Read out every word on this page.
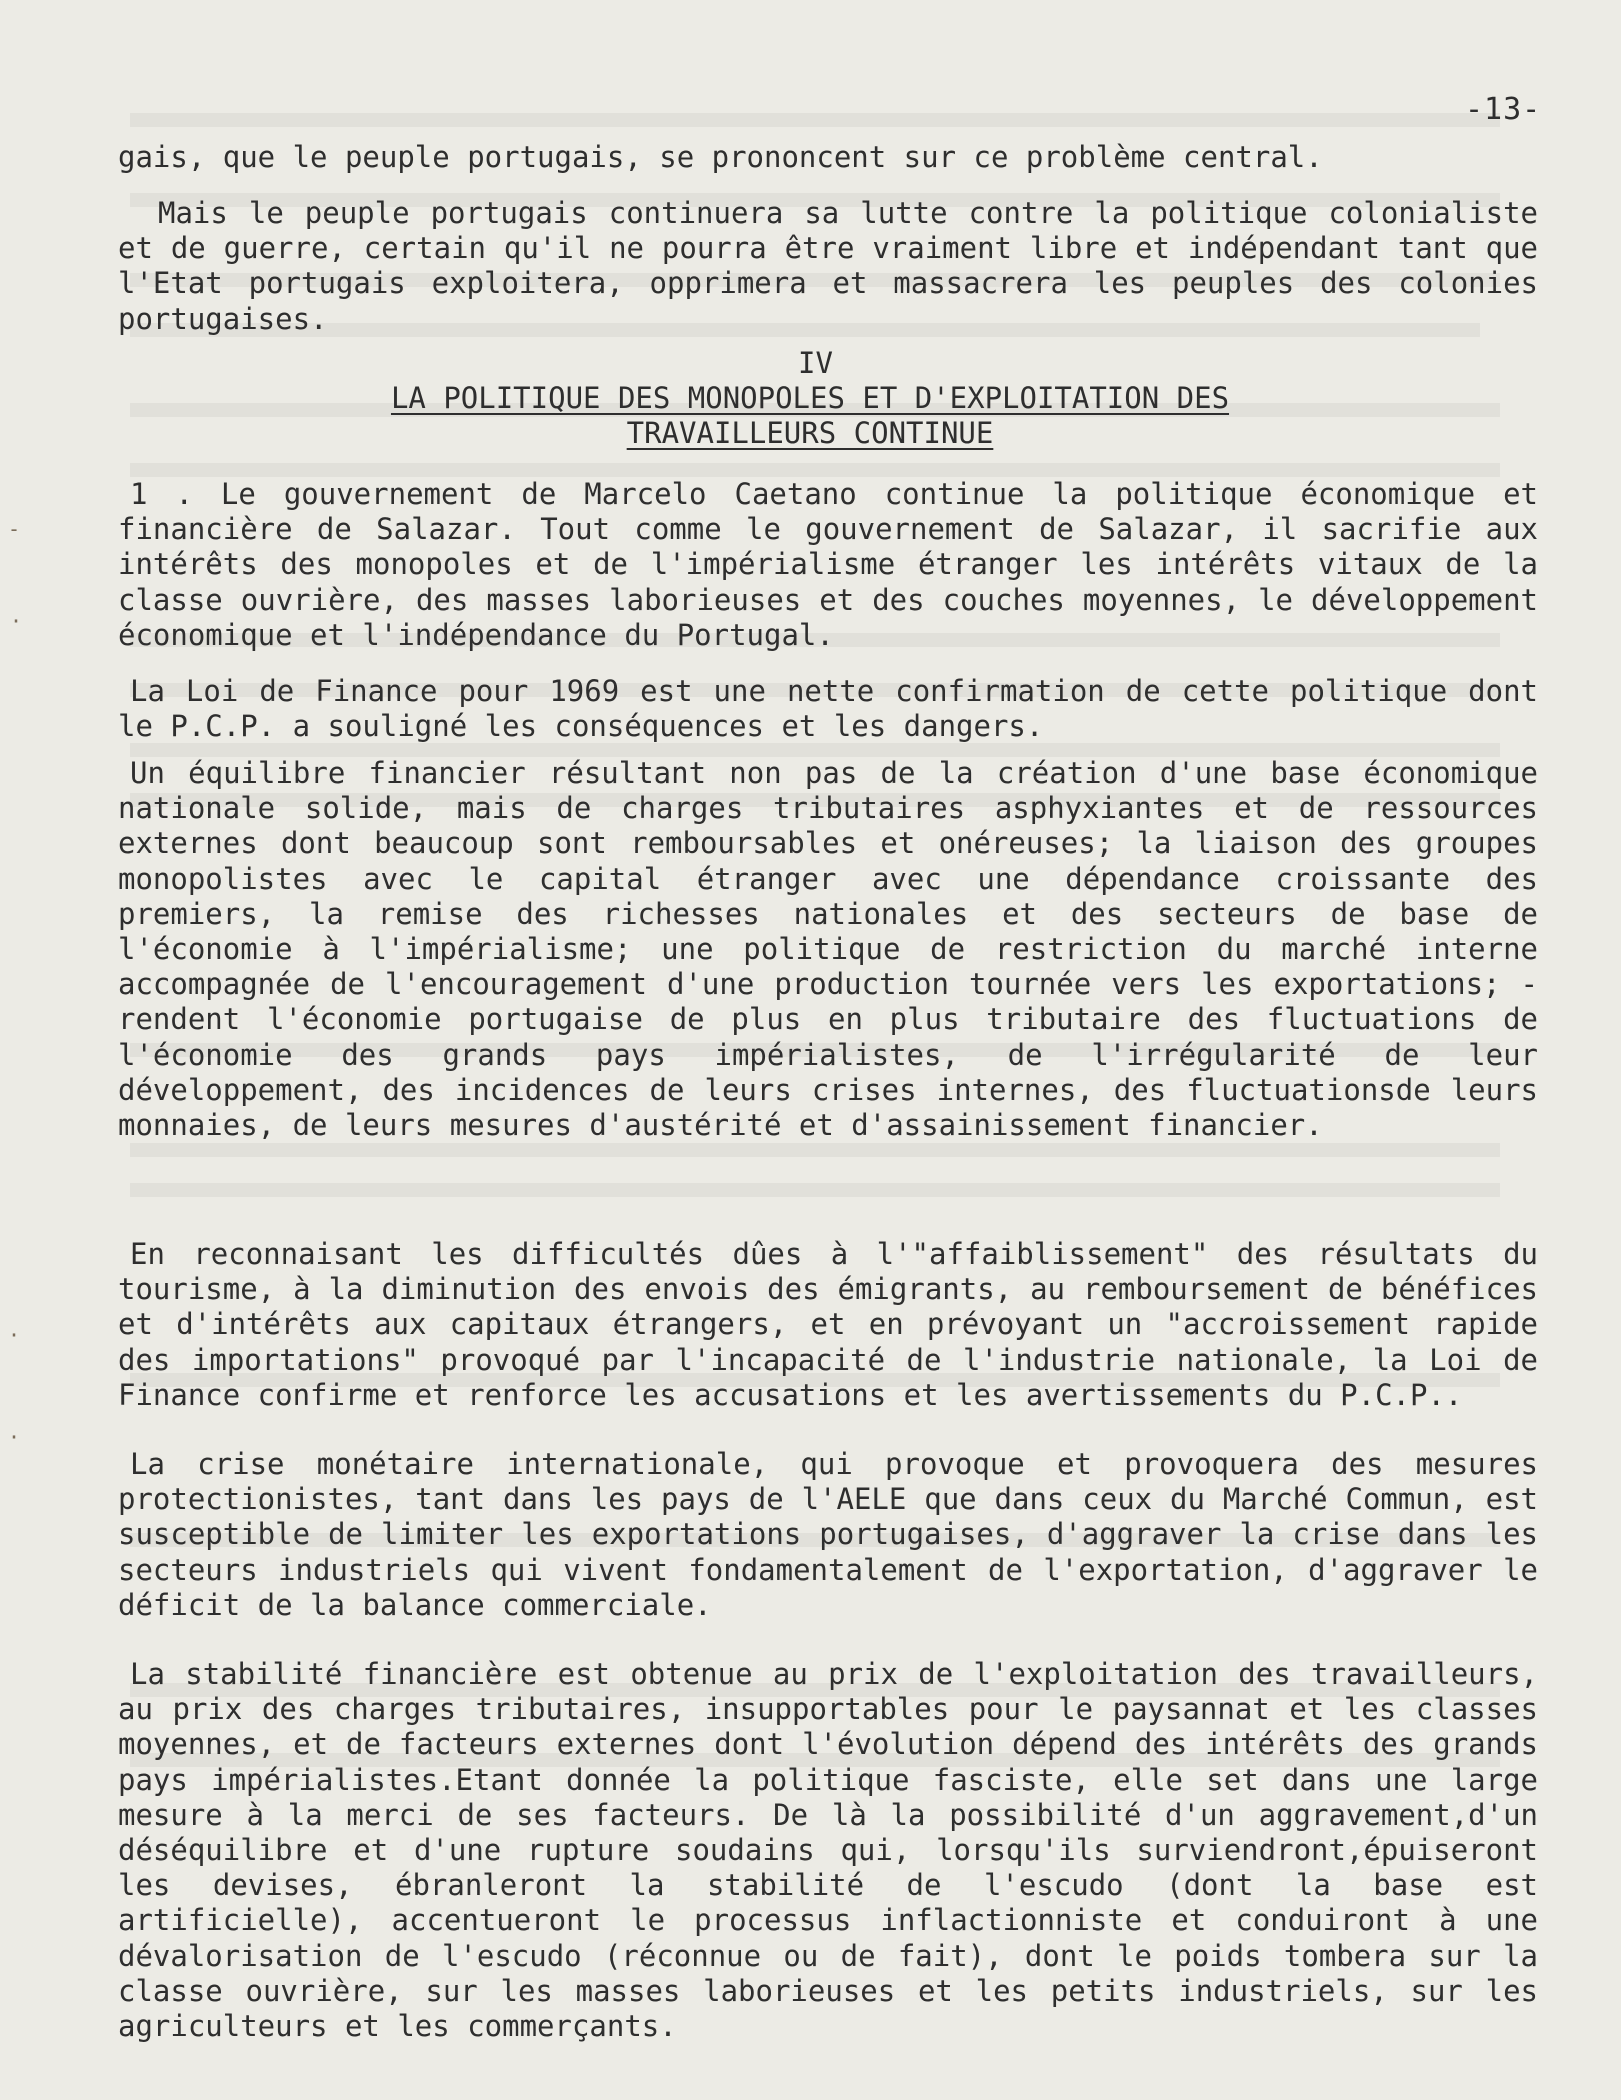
-13-

gais, que le peuple portugais, se prononcent sur ce problème central.

Mais le peuple portugais continuera sa lutte contre la politique colonialiste et de guerre, certain qu'il ne pourra être vraiment libre et indépendant tant que l'Etat portugais exploitera, opprimera et massacrera les peuples des colonies portugaises.

IV
LA POLITIQUE DES MONOPOLES ET D'EXPLOITATION DES TRAVAILLEURS CONTINUE

1 . Le gouvernement de Marcelo Caetano continue la politique économique et financière de Salazar. Tout comme le gouvernement de Salazar, il sacrifie aux intérêts des monopoles et de l'impérialisme étranger les intérêts vitaux de la classe ouvrière, des masses laborieuses et des couches moyennes, le développement économique et l'indépendance du Portugal.

La Loi de Finance pour 1969 est une nette confirmation de cette politique dont le P.C.P. a souligné les conséquences et les dangers.

Un équilibre financier résultant non pas de la création d'une base économique nationale solide, mais de charges tributaires asphyxiantes et de ressources externes dont beaucoup sont remboursables et onéreuses; la liaison des groupes monopolistes avec le capital étranger avec une dépendance croissante des premiers, la remise des richesses nationales et des secteurs de base de l'économie à l'impérialisme; une politique de restriction du marché interne accompagnée de l'encouragement d'une production tournée vers les exportations; - rendent l'économie portugaise de plus en plus tributaire des fluctuations de l'économie des grands pays impérialistes, de l'irrégularité de leur développement, des incidences de leurs crises internes, des fluctuationsde leurs monnaies, de leurs mesures d'austérité et d'assainissement financier.

En reconnaisant les difficultés dûes à l'"affaiblissement" des résultats du tourisme, à la diminution des envois des émigrants, au remboursement de bénéfices et d'intérêts aux capitaux étrangers, et en prévoyant un "accroissement rapide des importations" provoqué par l'incapacité de l'industrie nationale, la Loi de Finance confirme et renforce les accusations et les avertissements du P.C.P..

La crise monétaire internationale, qui provoque et provoquera des mesures protectionistes, tant dans les pays de l'AELE que dans ceux du Marché Commun, est susceptible de limiter les exportations portugaises, d'aggraver la crise dans les secteurs industriels qui vivent fondamentalement de l'exportation, d'aggraver le déficit de la balance commerciale.

La stabilité financière est obtenue au prix de l'exploitation des travailleurs, au prix des charges tributaires, insupportables pour le paysannat et les classes moyennes, et de facteurs externes dont l'évolution dépend des intérêts des grands pays impérialistes.Etant donnée la politique fasciste, elle set dans une large mesure à la merci de ses facteurs. De là la possibilité d'un aggravement,d'un déséquilibre et d'une rupture soudains qui, lorsqu'ils surviendront,épuiseront les devises, ébranleront la stabilité de l'escudo (dont la base est artificielle), accentueront le processus inflactionniste et conduiront à une dévalorisation de l'escudo (réconnue ou de fait), dont le poids tombera sur la classe ouvrière, sur les masses laborieuses et les petits industriels, sur les agriculteurs et les commerçants.

-
·
·
·
